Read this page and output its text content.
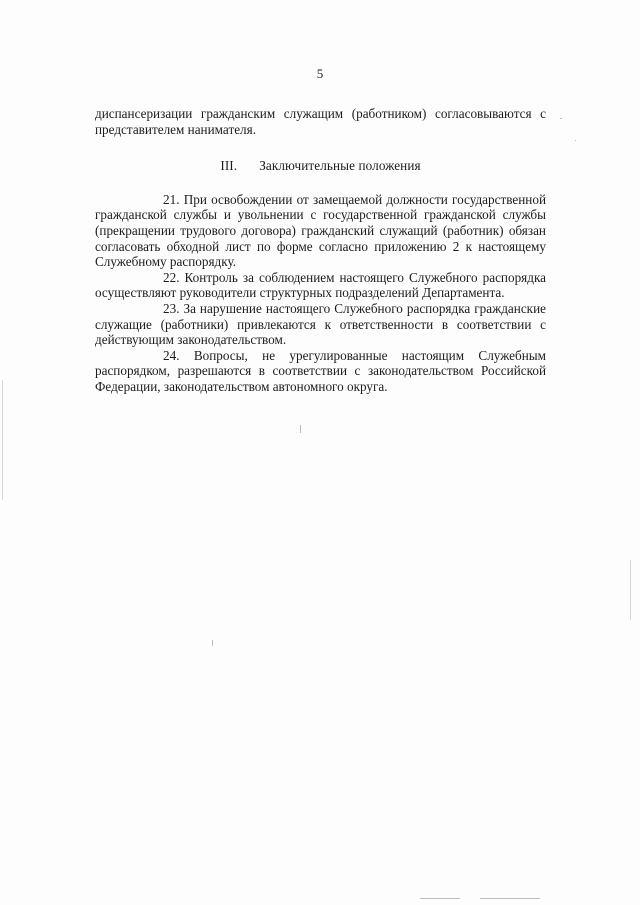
5

диспансеризации гражданским служащим (работником) согласовываются с представителем нанимателя.

III. Заключительные положения

21. При освобождении от замещаемой должности государственной гражданской службы и увольнении с государственной гражданской службы (прекращении трудового договора) гражданский служащий (работник) обязан согласовать обходной лист по форме согласно приложению 2 к настоящему Служебному распорядку.

22. Контроль за соблюдением настоящего Служебного распорядка осуществляют руководители структурных подразделений Департамента.

23. За нарушение настоящего Служебного распорядка гражданские служащие (работники) привлекаются к ответственности в соответствии с действующим законодательством.

24. Вопросы, не урегулированные настоящим Служебным распорядком, разрешаются в соответствии с законодательством Российской Федерации, законодательством автономного округа.
